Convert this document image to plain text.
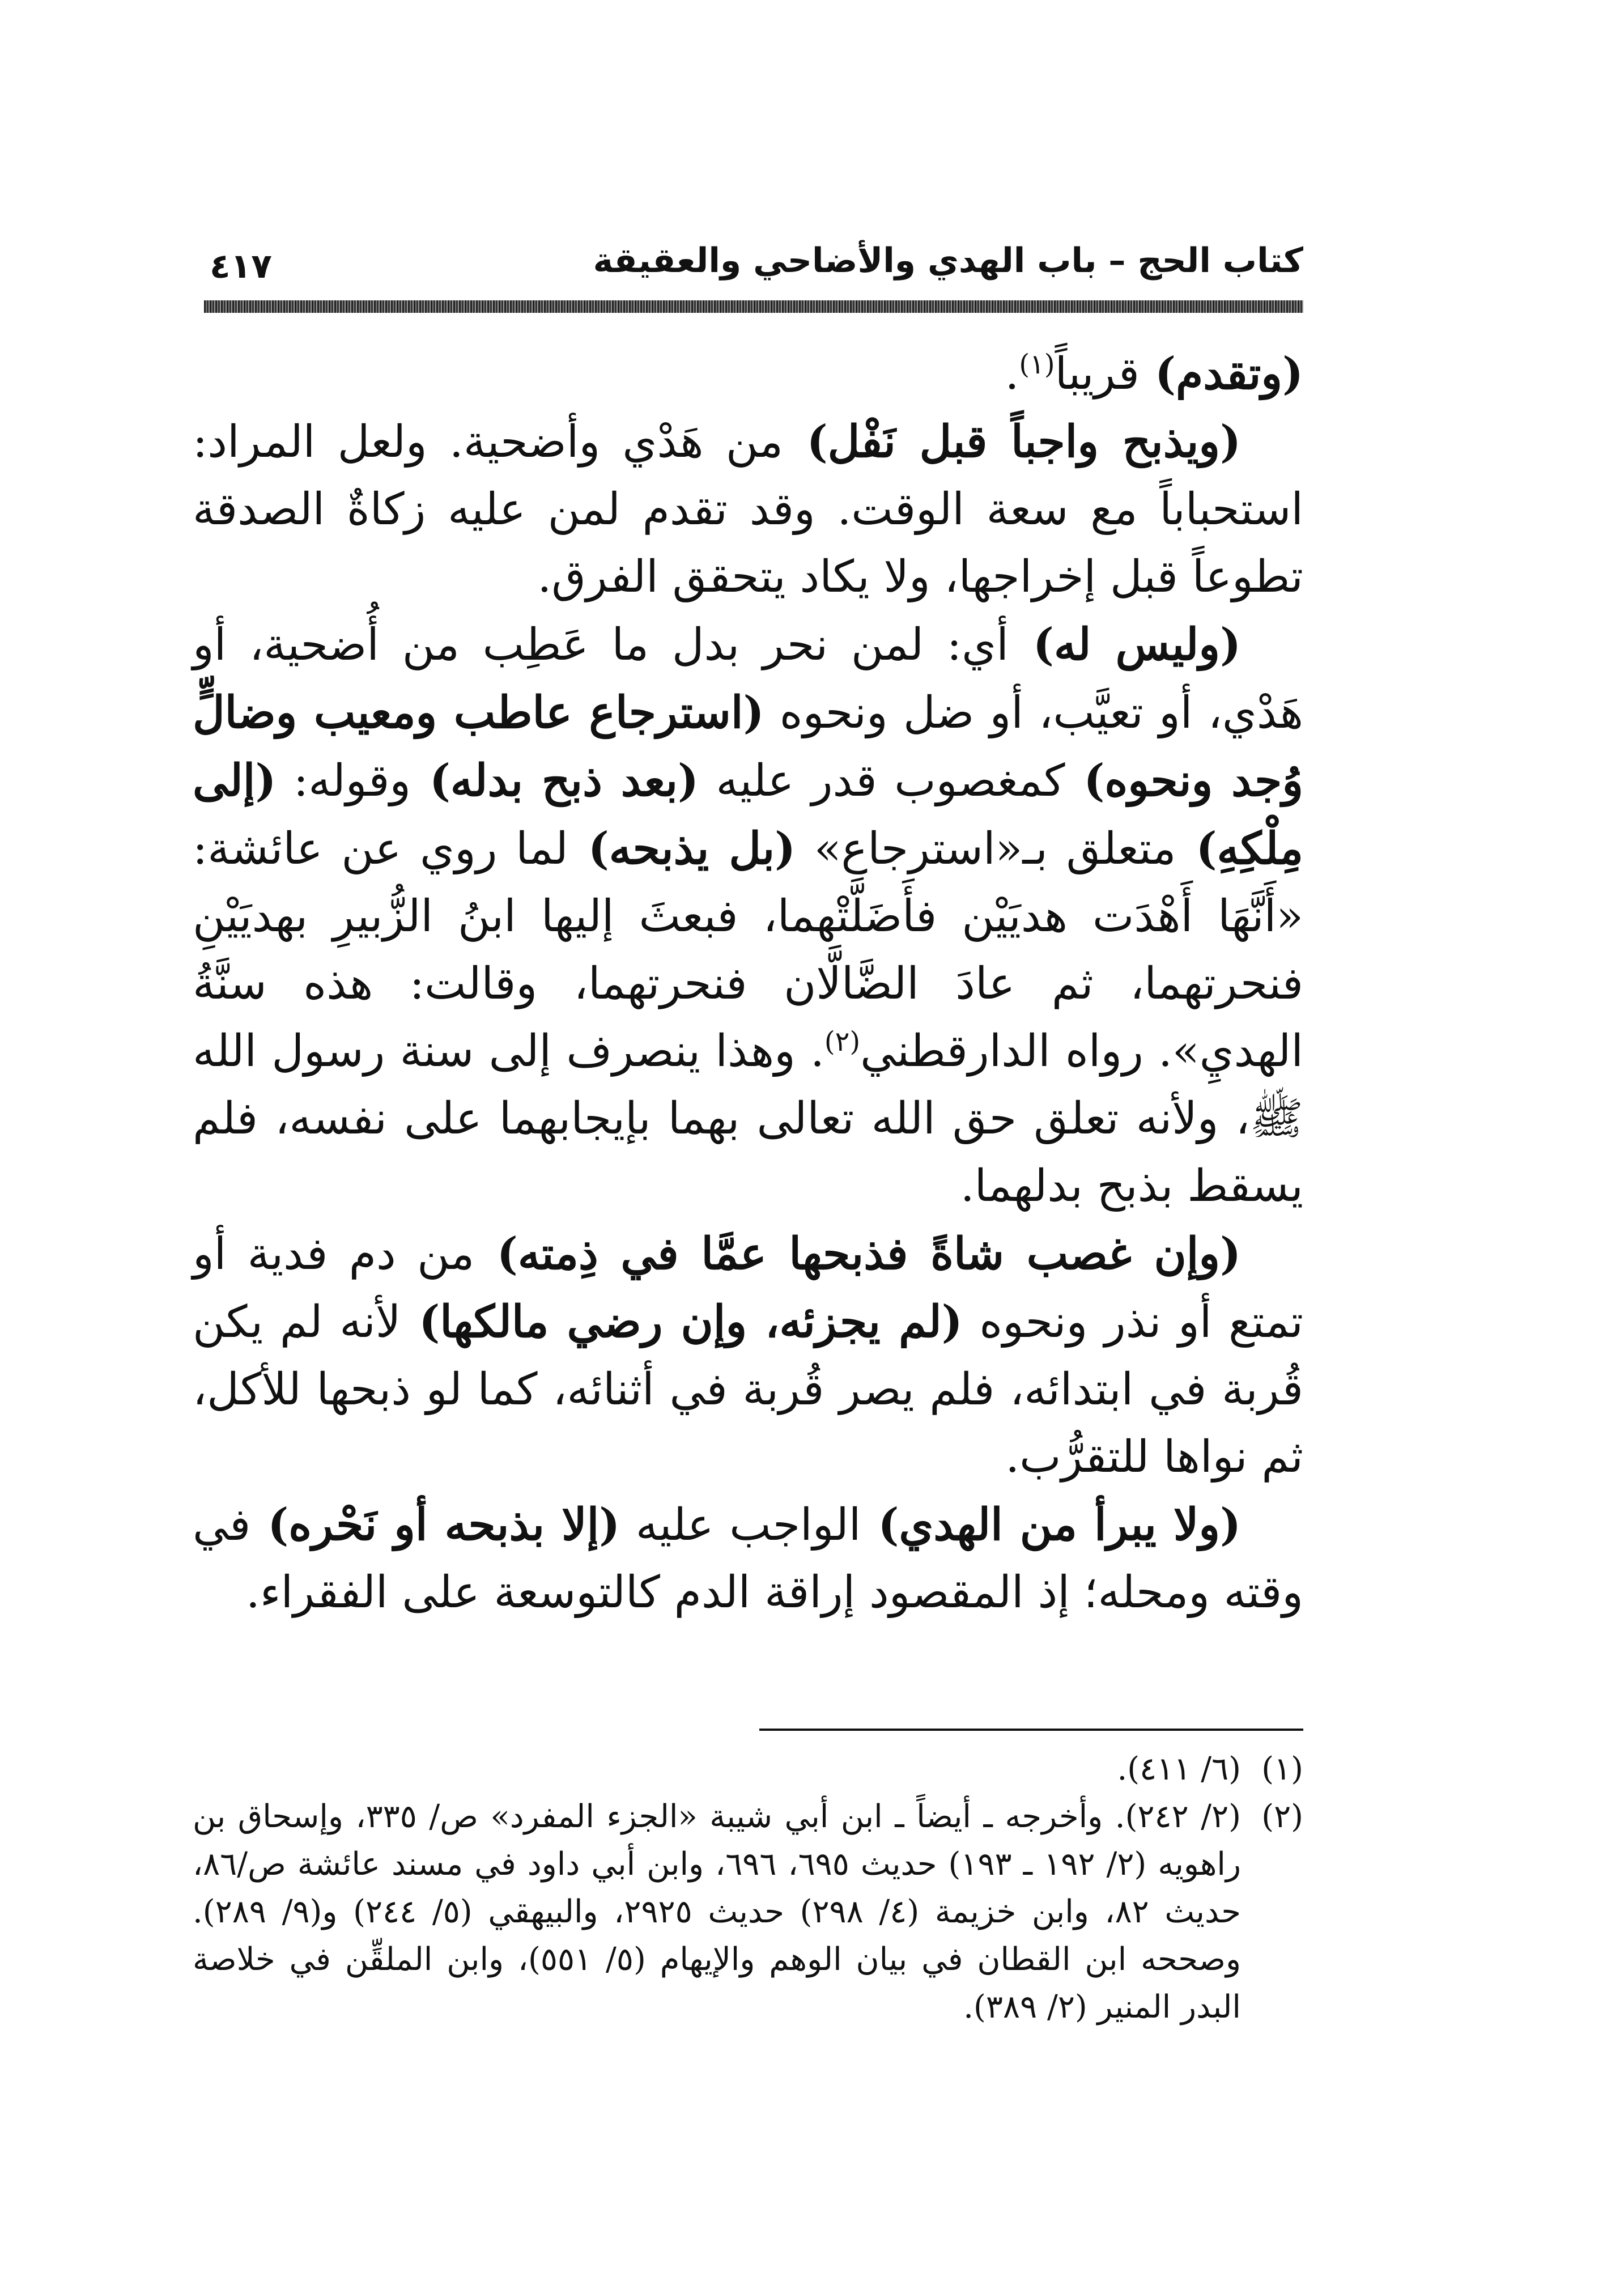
كتاب الحج – باب الهدي والأضاحي والعقيقة
٤١٧

(وتقدم) قريباً$^{(١)}$.

(ويذبح واجباً قبل نَفْل) من هَدْي وأضحية. ولعل المراد: استحباباً مع سعة الوقت. وقد تقدم لمن عليه زكاةٌ الصدقة تطوعاً قبل إخراجها، ولا يكاد يتحقق الفرق.

(وليس له) أي: لمن نحر بدل ما عَطِب من أُضحية، أو هَدْي، أو تعيَّب، أو ضل ونحوه (استرجاع عاطب ومعيب وضالٍّ وُجد ونحوه) كمغصوب قدر عليه (بعد ذبح بدله) وقوله: (إلى مِلْكِهِ) متعلق بـ«استرجاع» (بل يذبحه) لما روي عن عائشة: «أَنَّهَا أَهْدَت هديَيْن فأَضَلَّتْهما، فبعثَ إليها ابنُ الزُّبيرِ بهديَيْنِ فنحرتهما، ثم عادَ الضَّالَّان فنحرتهما، وقالت: هذه سنَّةُ الهديِ». رواه الدارقطني$^{(٢)}$. وهذا ينصرف إلى سنة رسول الله ﷺ، ولأنه تعلق حق الله تعالى بهما بإيجابهما على نفسه، فلم يسقط بذبح بدلهما.

(وإن غصب شاةً فذبحها عمَّا في ذِمته) من دم فدية أو تمتع أو نذر ونحوه (لم يجزئه، وإن رضي مالكها) لأنه لم يكن قُربة في ابتدائه، فلم يصر قُربة في أثنائه، كما لو ذبحها للأكل، ثم نواها للتقرُّب.

(ولا يبرأ من الهدي) الواجب عليه (إلا بذبحه أو نَحْره) في وقته ومحله؛ إذ المقصود إراقة الدم كالتوسعة على الفقراء.

(١)
(٦/ ٤١١).
(٢)
(٢/ ٢٤٢). وأخرجه ـ أيضاً ـ ابن أبي شيبة «الجزء المفرد» ص/ ٣٣٥، وإسحاق بن راهويه (٢/ ١٩٢ ـ ١٩٣) حديث ٦٩٥، ٦٩٦، وابن أبي داود في مسند عائشة ص/٨٦، حديث ٨٢، وابن خزيمة (٤/ ٢٩٨) حديث ٢٩٢٥، والبيهقي (٥/ ٢٤٤) و(٩/ ٢٨٩). وصححه ابن القطان في بيان الوهم والإيهام (٥/ ٥٥١)، وابن الملقِّن في خلاصة البدر المنير (٢/ ٣٨٩).
